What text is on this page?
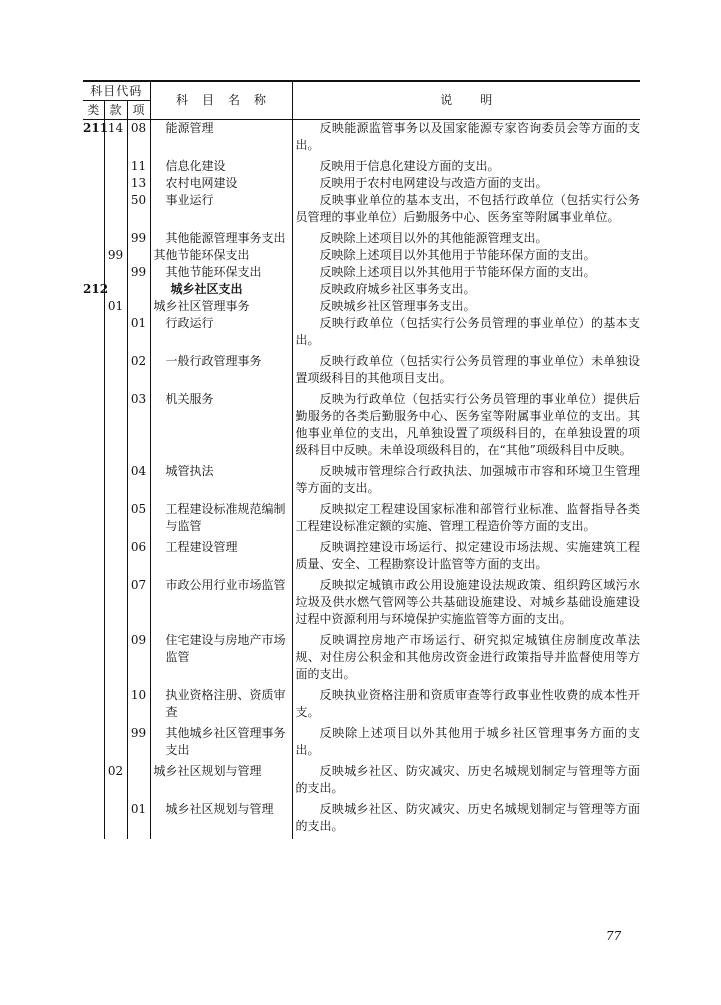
科目代码			科目名称	说明
类	款	项		
211	14	08	能源管理	反映能源监管事务以及国家能源专家咨询委员会等方面的支出。
		11	信息化建设	反映用于信息化建设方面的支出。
		13	农村电网建设	反映用于农村电网建设与改造方面的支出。
		50	事业运行	反映事业单位的基本支出，不包括行政单位（包括实行公务员管理的事业单位）后勤服务中心、医务室等附属事业单位。
		99	其他能源管理事务支出	反映除上述项目以外的其他能源管理支出。
	99		其他节能环保支出	反映除上述项目以外其他用于节能环保方面的支出。
		99	其他节能环保支出	反映除上述项目以外其他用于节能环保方面的支出。
212			城乡社区支出	反映政府城乡社区事务支出。
	01		城乡社区管理事务	反映城乡社区管理事务支出。
		01	行政运行	反映行政单位（包括实行公务员管理的事业单位）的基本支出。
		02	一般行政管理事务	反映行政单位（包括实行公务员管理的事业单位）未单独设置项级科目的其他项目支出。
		03	机关服务	反映为行政单位（包括实行公务员管理的事业单位）提供后勤服务的各类后勤服务中心、医务室等附属事业单位的支出。其他事业单位的支出，凡单独设置了项级科目的，在单独设置的项级科目中反映。未单设项级科目的，在“其他”项级科目中反映。
		04	城管执法	反映城市管理综合行政执法、加强城市市容和环境卫生管理等方面的支出。
		05	工程建设标准规范编制与监管	反映拟定工程建设国家标准和部管行业标准、监督指导各类工程建设标准定额的实施、管理工程造价等方面的支出。
		06	工程建设管理	反映调控建设市场运行、拟定建设市场法规、实施建筑工程质量、安全、工程勘察设计监管等方面的支出。
		07	市政公用行业市场监管	反映拟定城镇市政公用设施建设法规政策、组织跨区域污水垃圾及供水燃气管网等公共基础设施建设、对城乡基础设施建设过程中资源利用与环境保护实施监管等方面的支出。
		09	住宅建设与房地产市场监管	反映调控房地产市场运行、研究拟定城镇住房制度改革法规、对住房公积金和其他房改资金进行政策指导并监督使用等方面的支出。
		10	执业资格注册、资质审查	反映执业资格注册和资质审查等行政事业性收费的成本性开支。
		99	其他城乡社区管理事务支出	反映除上述项目以外其他用于城乡社区管理事务方面的支出。
	02		城乡社区规划与管理	反映城乡社区、防灾减灾、历史名城规划制定与管理等方面的支出。
		01	城乡社区规划与管理	反映城乡社区、防灾减灾、历史名城规划制定与管理等方面的支出。
77
